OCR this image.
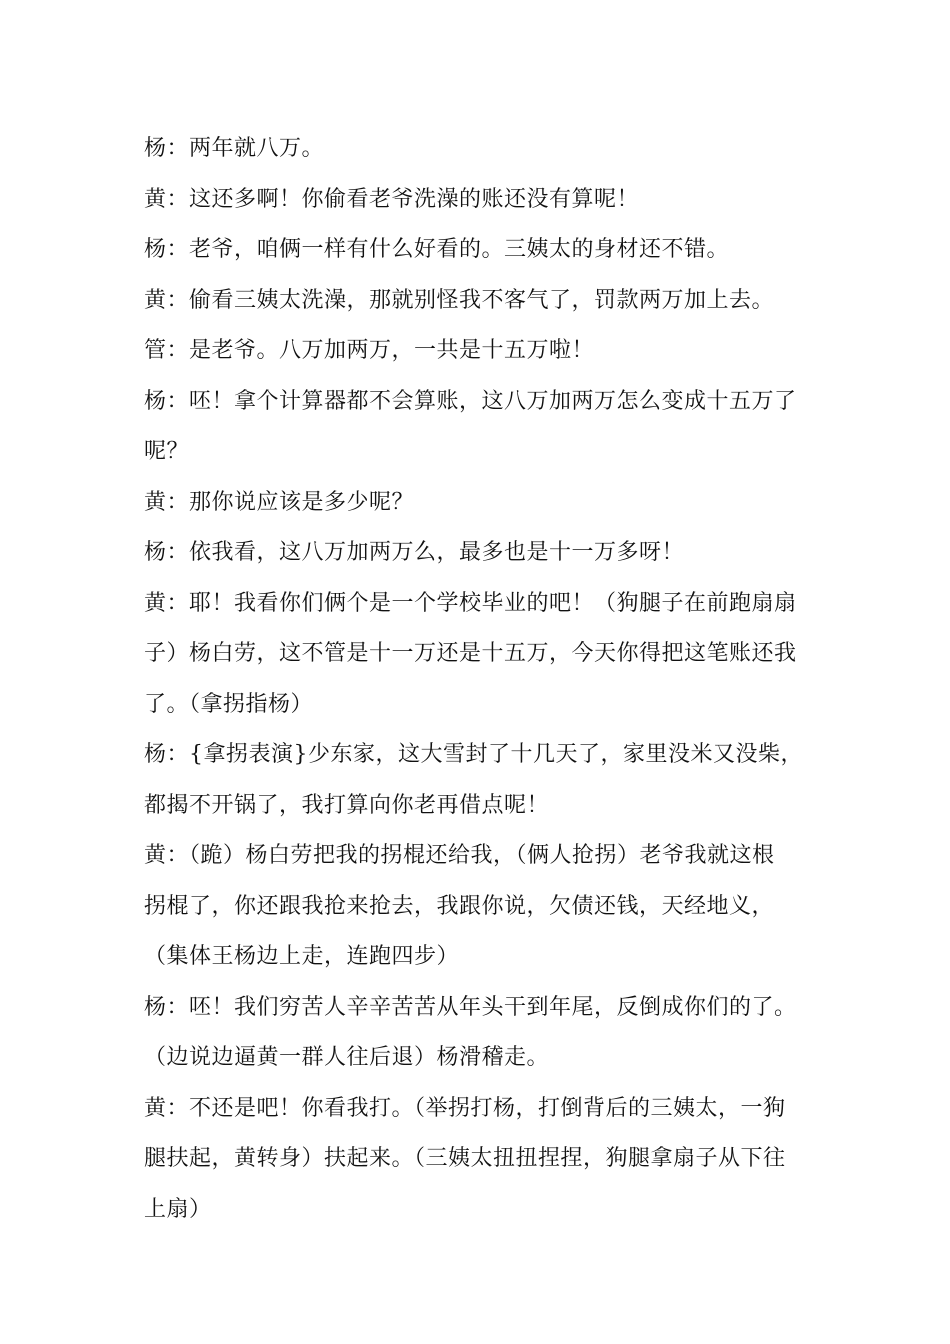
杨：两年就八万。
黄：这还多啊！你偷看老爷洗澡的账还没有算呢！
杨：老爷，咱俩一样有什么好看的。三姨太的身材还不错。
黄：偷看三姨太洗澡，那就别怪我不客气了，罚款两万加上去。
管：是老爷。八万加两万，一共是十五万啦！
杨：呸！拿个计算器都不会算账，这八万加两万怎么变成十五万了
呢？
黄：那你说应该是多少呢？
杨：依我看，这八万加两万么，最多也是十一万多呀！
黄：耶！我看你们俩个是一个学校毕业的吧！（狗腿子在前跑扇扇
子）杨白劳，这不管是十一万还是十五万，今天你得把这笔账还我
了。（拿拐指杨）
杨：{拿拐表演}少东家，这大雪封了十几天了，家里没米又没柴，
都揭不开锅了，我打算向你老再借点呢！
黄：（跪）杨白劳把我的拐棍还给我，（俩人抢拐）老爷我就这根
拐棍了，你还跟我抢来抢去，我跟你说，欠债还钱，天经地义，
（集体王杨边上走，连跑四步）
杨：呸！我们穷苦人辛辛苦苦从年头干到年尾，反倒成你们的了。
（边说边逼黄一群人往后退）杨滑稽走。
黄：不还是吧！你看我打。（举拐打杨，打倒背后的三姨太，一狗
腿扶起，黄转身）扶起来。（三姨太扭扭捏捏，狗腿拿扇子从下往
上扇）
